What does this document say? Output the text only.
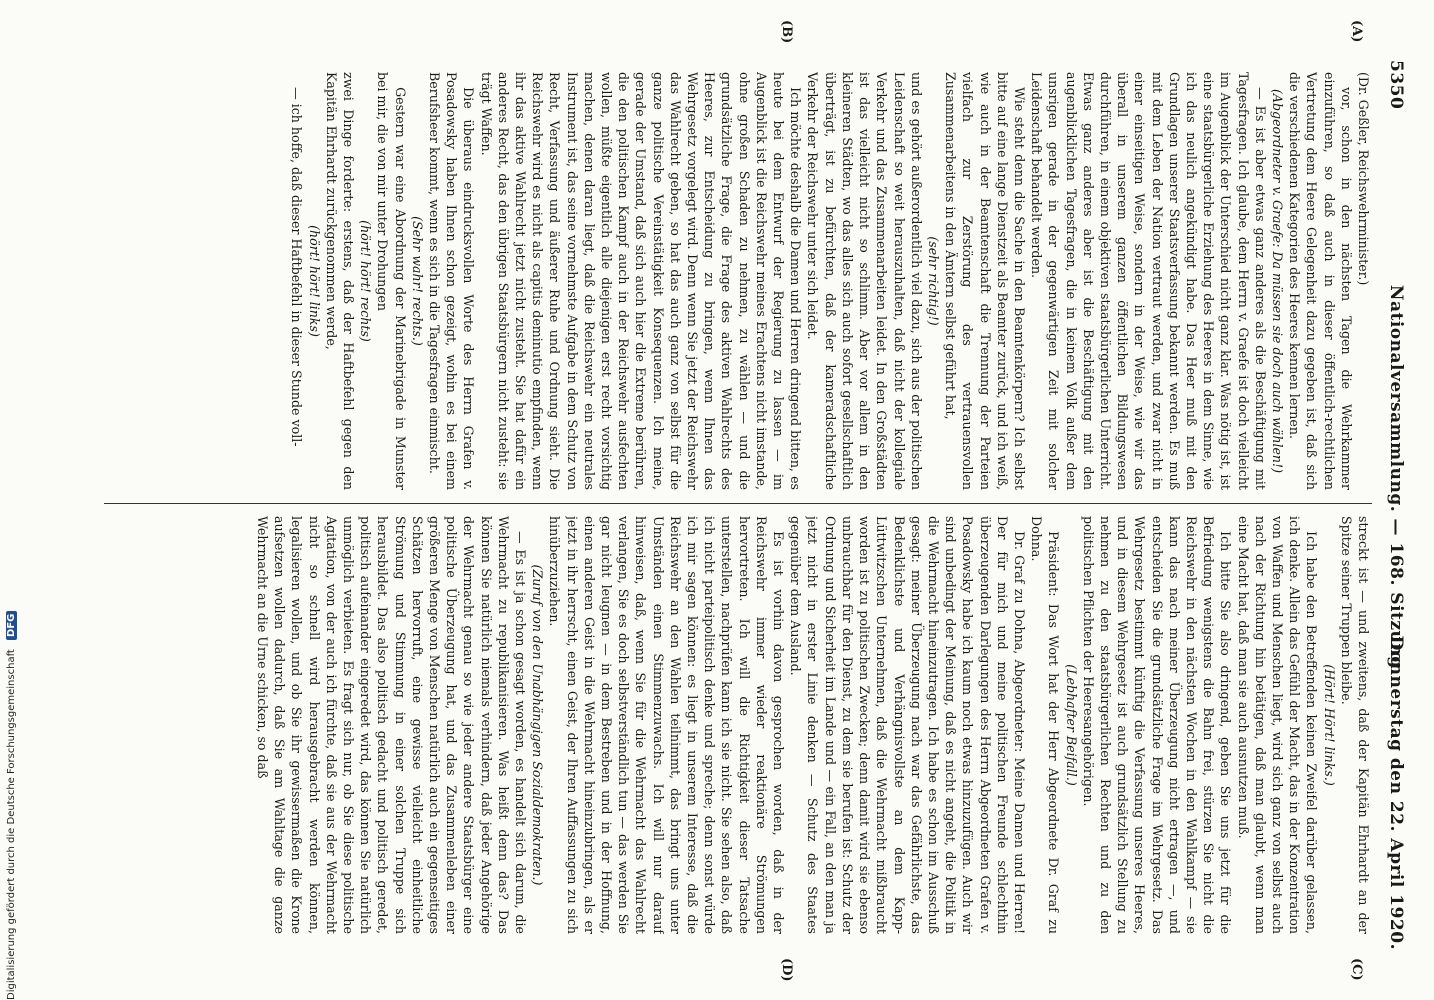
5350
Nationalversammlung. — 168. Sitzung.
Donnerstag den 22. April 1920.
(A)
(B)
(C)
(D)

(Dr. Geßler, Reichswehrminister.)

vor, schon in den nächsten Tagen die Wehrkammer einzuführen, so daß auch in dieser öffentlich-rechtlichen Vertretung dem Heere Gelegenheit dazu gegeben ist, daß sich die verschiedenen Kategorien des Heeres kennen lernen.

(Abgeordneter v. Graefe: Da müssen sie doch auch wählen!)

— Es ist aber etwas ganz anderes als die Beschäftigung mit Tagesfragen. Ich glaube, dem Herrn v. Graefe ist doch vielleicht im Augenblick der Unterschied nicht ganz klar. Was nötig ist, ist eine staatsbürgerliche Erziehung des Heeres in dem Sinne, wie ich das neulich angekündigt habe. Das Heer muß mit den Grundlagen unserer Staatsverfassung bekannt werden. Es muß mit dem Leben der Nation vertraut werden, und zwar nicht in einer einseitigen Weise, sondern in der Weise, wie wir das überall in unserem ganzen öffentlichen Bildungswesen durchführen, in einem objektiven staatsbürgerlichen Unterricht. Etwas ganz anderes aber ist die Beschäftigung mit den augenblicklichen Tagesfragen, die in keinem Volk außer dem unsrigen gerade in der gegenwärtigen Zeit mit solcher Leidenschaft behandelt werden.

Wie steht denn die Sache in den Beamtenkörpern? Ich selbst bitte auf eine lange Dienstzeit als Beamter zurück, und ich weiß, wie auch in der Beamtenschaft die Trennung der Parteien vielfach zur Zerstörung des vertrauensvollen Zusammenarbeitens in den Ämtern selbst geführt hat,

(sehr richtig!)

und es gehört außerordentlich viel dazu, sich aus der politischen Leidenschaft so weit herauszuhalten, daß nicht der kollegiale Verkehr und das Zusammenarbeiten leidet. In den Großstädten ist das vielleicht nicht so schlimm. Aber vor allem in den kleineren Städten, wo das alles sich auch sofort gesellschaftlich überträgt, ist zu befürchten, daß der kameradschaftliche Verkehr der Reichswehr unter sich leidet.

Ich möchte deshalb die Damen und Herren dringend bitten, es heute bei dem Entwurf der Regierung zu lassen — im Augenblick ist die Reichswehr meines Erachtens nicht imstande, ohne großen Schaden zu nehmen, zu wählen — und die grundsätzliche Frage, die Frage des aktiven Wahlrechts des Heeres, zur Entscheidung zu bringen, wenn Ihnen das Wehrgesetz vorgelegt wird. Denn wenn Sie jetzt der Reichswehr das Wahlrecht geben, so hat das auch ganz von selbst für die ganze politische Vereinstätigkeit Konsequenzen. Ich meine, gerade der Umstand, daß sich auch hier die Extreme berühren, die den politischen Kampf auch in der Reichswehr ausfechten wollen, müßte eigentlich alle diejenigen erst recht vorsichtig machen, denen daran liegt, daß die Reichswehr ein neutrales Instrument ist, das seine vornehmste Aufgabe in dem Schutz von Recht, Verfassung und äußerer Ruhe und Ordnung sieht. Die Reichswehr wird es nicht als capitis deminutio empfinden, wenn ihr das aktive Wahlrecht jetzt nicht zusteht. Sie hat dafür ein anderes Recht, das den übrigen Staatsbürgern nicht zusteht: sie trägt Waffen.

Die überaus eindrucksvollen Worte des Herrn Grafen v. Posadowsky haben Ihnen schon gezeigt, wohin es bei einem Berufsheer kommt, wenn es sich in die Tagesfragen einmischt.

(Sehr wahr! rechts.)

Gestern war eine Abordnung der Marinebrigade in Munster bei mir, die von mir unter Drohungen

(hört! hört! rechts)

zwei Dinge forderte: erstens, daß der Haftbefehl gegen den Kapitän Ehrhardt zurückgenommen werde,

(hört! hört! links)

— ich hoffe, daß dieser Haftbefehl in dieser Stunde voll-

streckt ist — und zweitens, daß der Kapitän Ehrhardt an der Spitze seiner Truppen bleibe.

(Hört! Hört! links.)

Ich habe den Betreffenden keinen Zweifel darüber gelassen, ich denke. Allein das Gefühl der Macht, das in der Konzentration von Waffen und Menschen liegt, wird sich ganz von selbst auch nach der Richtung hin betätigen, daß man glaubt, wenn man eine Macht hat, daß man sie auch ausnutzen muß.

Ich bitte Sie also dringend, geben Sie uns jetzt für die Befriedung wenigstens die Bahn frei, stürzen Sie nicht die Reichswehr in den nächsten Wochen in den Wahlkampf — sie kann das nach meiner Überzeugung nicht ertragen —, und entscheiden Sie die grundsätzliche Frage im Wehrgesetz. Das Wehrgesetz bestimmt künftig die Verfassung unseres Heeres, und in diesem Wehrgesetz ist auch grundsätzlich Stellung zu nehmen zu den staatsbürgerlichen Rechten und zu den politischen Pflichten der Heeresangehörigen.

(Lebhafter Beifall.)

Präsident: Das Wort hat der Herr Abgeordnete Dr. Graf zu Dohna.

Dr. Graf zu Dohna, Abgeordneter: Meine Damen und Herren! Der für mich und meine politischen Freunde schlechthin überzeugenden Darlegungen des Herrn Abgeordneten Grafen v. Posadowsky habe ich kaum noch etwas hinzuzufügen. Auch wir sind unbedingt der Meinung, daß es nicht angeht, die Politik in die Wehrmacht hineinzutragen. Ich habe es schon im Ausschuß gesagt: meiner Überzeugung nach war das Gefährlichste, das Bedenklichste und Verhängnisvollste an dem Kapp-Lüttwitzschen Unternehmen, daß die Wehrmacht mißbraucht worden ist zu politischen Zwecken; denn damit wird sie ebenso unbrauchbar für den Dienst, zu dem sie berufen ist: Schutz der Ordnung und Sicherheit im Lande und — ein Fall, an den man ja jetzt nicht in erster Linie denken — Schutz des Staates gegenüber dem Ausland.

Es ist vorhin davon gesprochen worden, daß in der Reichswehr immer wieder reaktionäre Strömungen hervortreten. Ich will die Richtigkeit dieser Tatsache unterstellen, nachprüfen kann ich sie nicht. Sie sehen also, daß ich nicht parteipolitisch denke und spreche; denn sonst würde ich mir sagen können: es liegt in unserem Interesse, daß die Reichswehr an den Wahlen teilnimmt, das bringt uns unter Umständen einen Stimmenzuwachs. Ich will nur darauf hinweisen, daß, wenn Sie für die Wehrmacht das Wahlrecht verlangen, Sie es doch selbstverständlich tun — das werden Sie gar nicht leugnen — in dem Bestreben und in der Hoffnung, einen anderen Geist in die Wehrmacht hineinzubringen, als er jetzt in ihr herrscht, einen Geist, der Ihren Auffassungen zu sich hinüberzuziehen.

(Zuruf von den Unabhängigen Sozialdemokraten.)

— Es ist ja schon gesagt worden, es handelt sich darum, die Wehrmacht zu republikanisieren. Was heißt denn das? Das können Sie natürlich niemals verhindern, daß jeder Angehörige der Wehrmacht genau so wie jeder andere Staatsbürger eine politische Überzeugung hat, und das Zusammenleben einer größeren Menge von Menschen natürlich auch ein gegenseitiges Schätzen hervorruft, eine gewisse vielleicht einheitliche Strömung und Stimmung in einer solchen Truppe sich herausbildet. Das also politisch gedacht und politisch geredet, politisch aufeinander eingeredet wird, das können Sie natürlich unmöglich verbieten. Es fragt sich nur, ob Sie diese politische Agitation, von der auch ich fürchte, daß sie aus der Wehrmacht nicht so schnell wird herausgebracht werden können, legalisieren wollen, und ob Sie ihr gewissermaßen die Krone aufsetzen wollen dadurch, daß Sie am Wahltage die ganze Wehrmacht an die Urne schicken, so daß

Digitalisierung gefördert durch die Deutsche Forschungsgemeinschaft DFG
